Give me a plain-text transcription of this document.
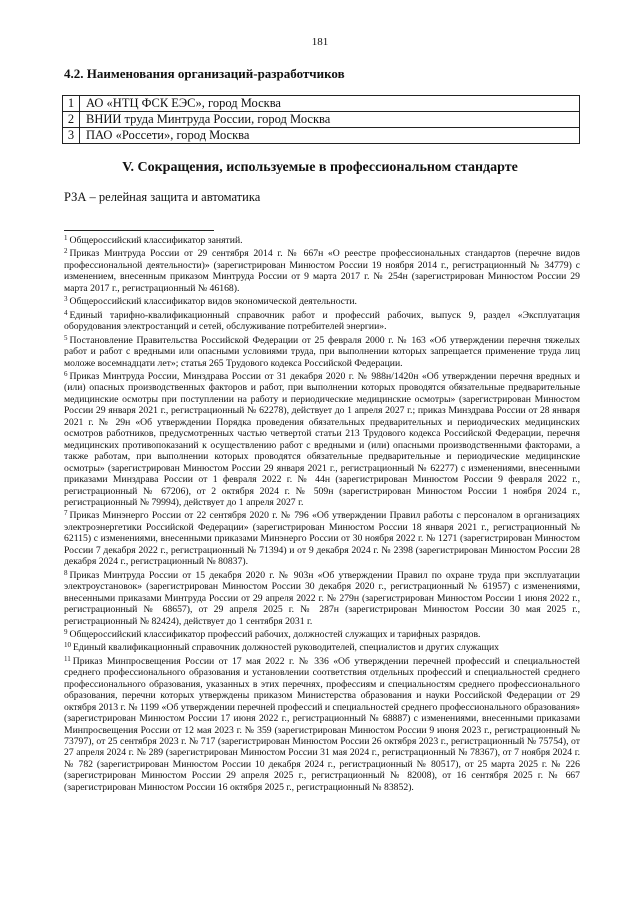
181
4.2. Наименования организаций-разработчиков
1	АО «НТЦ ФСК ЕЭС», город Москва
2	ВНИИ труда Минтруда России, город Москва
3	ПАО «Россети», город Москва
V. Сокращения, используемые в профессиональном стандарте
РЗА – релейная защита и автоматика

$^1$ Общероссийский классификатор занятий.

$^2$ Приказ Минтруда России от 29 сентября 2014 г. № 667н «О реестре профессиональных стандартов (перечне видов профессиональной деятельности)» (зарегистрирован Минюстом России 19 ноября 2014 г., регистрационный № 34779) с изменением, внесенным приказом Минтруда России от 9 марта 2017 г. № 254н (зарегистрирован Минюстом России 29 марта 2017 г., регистрационный № 46168).

$^3$ Общероссийский классификатор видов экономической деятельности.

$^4$ Единый тарифно-квалификационный справочник работ и профессий рабочих, выпуск 9, раздел «Эксплуатация оборудования электростанций и сетей, обслуживание потребителей энергии».

$^5$ Постановление Правительства Российской Федерации от 25 февраля 2000 г. № 163 «Об утверждении перечня тяжелых работ и работ с вредными или опасными условиями труда, при выполнении которых запрещается применение труда лиц моложе восемнадцати лет»; статья 265 Трудового кодекса Российской Федерации.

$^6$ Приказ Минтруда России, Минздрава России от 31 декабря 2020 г. № 988н/1420н «Об утверждении перечня вредных и (или) опасных производственных факторов и работ, при выполнении которых проводятся обязательные предварительные медицинские осмотры при поступлении на работу и периодические медицинские осмотры» (зарегистрирован Минюстом России 29 января 2021 г., регистрационный № 62278), действует до 1 апреля 2027 г.; приказ Минздрава России от 28 января 2021 г. № 29н «Об утверждении Порядка проведения обязательных предварительных и периодических медицинских осмотров работников, предусмотренных частью четвертой статьи 213 Трудового кодекса Российской Федерации, перечня медицинских противопоказаний к осуществлению работ с вредными и (или) опасными производственными факторами, а также работам, при выполнении которых проводятся обязательные предварительные и периодические медицинские осмотры» (зарегистрирован Минюстом России 29 января 2021 г., регистрационный № 62277) с изменениями, внесенными приказами Минздрава России от 1 февраля 2022 г. № 44н (зарегистрирован Минюстом России 9 февраля 2022 г., регистрационный № 67206), от 2 октября 2024 г. № 509н (зарегистрирован Минюстом России 1 ноября 2024 г., регистрационный № 79994), действует до 1 апреля 2027 г.

$^7$ Приказ Минэнерго России от 22 сентября 2020 г. № 796 «Об утверждении Правил работы с персоналом в организациях электроэнергетики Российской Федерации» (зарегистрирован Минюстом России 18 января 2021 г., регистрационный № 62115) с изменениями, внесенными приказами Минэнерго России от 30 ноября 2022 г. № 1271 (зарегистрирован Минюстом России 7 декабря 2022 г., регистрационный № 71394) и от 9 декабря 2024 г. № 2398 (зарегистрирован Минюстом России 28 декабря 2024 г., регистрационный № 80837).

$^8$ Приказ Минтруда России от 15 декабря 2020 г. № 903н «Об утверждении Правил по охране труда при эксплуатации электроустановок» (зарегистрирован Минюстом России 30 декабря 2020 г., регистрационный № 61957) с изменениями, внесенными приказами Минтруда России от 29 апреля 2022 г. № 279н (зарегистрирован Минюстом России 1 июня 2022 г., регистрационный № 68657), от 29 апреля 2025 г. № 287н (зарегистрирован Минюстом России 30 мая 2025 г., регистрационный № 82424), действует до 1 сентября 2031 г.

$^9$ Общероссийский классификатор профессий рабочих, должностей служащих и тарифных разрядов.

$^{10}$ Единый квалификационный справочник должностей руководителей, специалистов и других служащих

$^{11}$ Приказ Минпросвещения России от 17 мая 2022 г. № 336 «Об утверждении перечней профессий и специальностей среднего профессионального образования и установлении соответствия отдельных профессий и специальностей среднего профессионального образования, указанных в этих перечнях, профессиям и специальностям среднего профессионального образования, перечни которых утверждены приказом Министерства образования и науки Российской Федерации от 29 октября 2013 г. № 1199 «Об утверждении перечней профессий и специальностей среднего профессионального образования» (зарегистрирован Минюстом России 17 июня 2022 г., регистрационный № 68887) с изменениями, внесенными приказами Минпросвещения России от 12 мая 2023 г. № 359 (зарегистрирован Минюстом России 9 июня 2023 г., регистрационный № 73797), от 25 сентября 2023 г. № 717 (зарегистрирован Минюстом России 26 октября 2023 г., регистрационный № 75754), от 27 апреля 2024 г. № 289 (зарегистрирован Минюстом России 31 мая 2024 г., регистрационный № 78367), от 7 ноября 2024 г. № 782 (зарегистрирован Минюстом России 10 декабря 2024 г., регистрационный № 80517), от 25 марта 2025 г. № 226 (зарегистрирован Минюстом России 29 апреля 2025 г., регистрационный № 82008), от 16 сентября 2025 г. № 667 (зарегистрирован Минюстом России 16 октября 2025 г., регистрационный № 83852).
